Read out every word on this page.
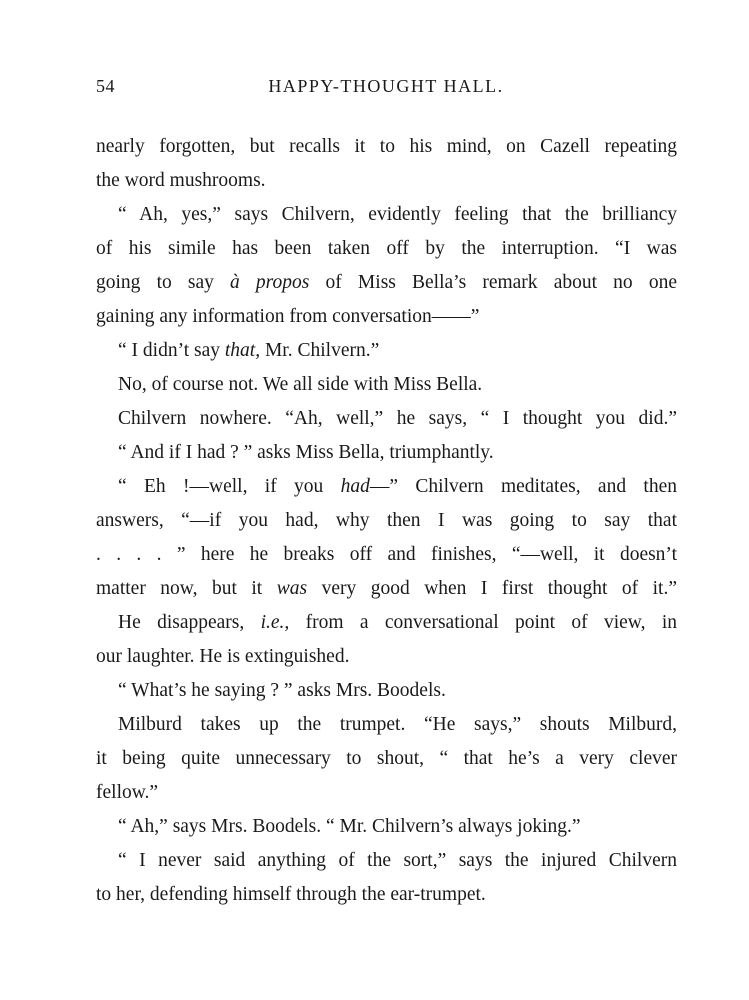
54	HAPPY-THOUGHT HALL.
nearly forgotten, but recalls it to his mind, on Cazell repeating
the word mushrooms.
“ Ah, yes,” says Chilvern, evidently feeling that the brilliancy
of his simile has been taken off by the interruption. “I was
going to say à propos of Miss Bella’s remark about no one
gaining any information from conversation——”
“ I didn’t say that, Mr. Chilvern.”
No, of course not. We all side with Miss Bella.
Chilvern nowhere. “Ah, well,” he says, “ I thought you did.”
“ And if I had ? ” asks Miss Bella, triumphantly.
“ Eh !—well, if you had—” Chilvern meditates, and then
answers, “—if you had, why then I was going to say that
. . . . ” here he breaks off and finishes, “—well, it doesn’t
matter now, but it was very good when I first thought of it.”
He disappears, i.e., from a conversational point of view, in
our laughter. He is extinguished.
“ What’s he saying ? ” asks Mrs. Boodels.
Milburd takes up the trumpet. “He says,” shouts Milburd,
it being quite unnecessary to shout, “ that he’s a very clever
fellow.”
“ Ah,” says Mrs. Boodels. “ Mr. Chilvern’s always joking.”
“ I never said anything of the sort,” says the injured Chilvern
to her, defending himself through the ear-trumpet.
